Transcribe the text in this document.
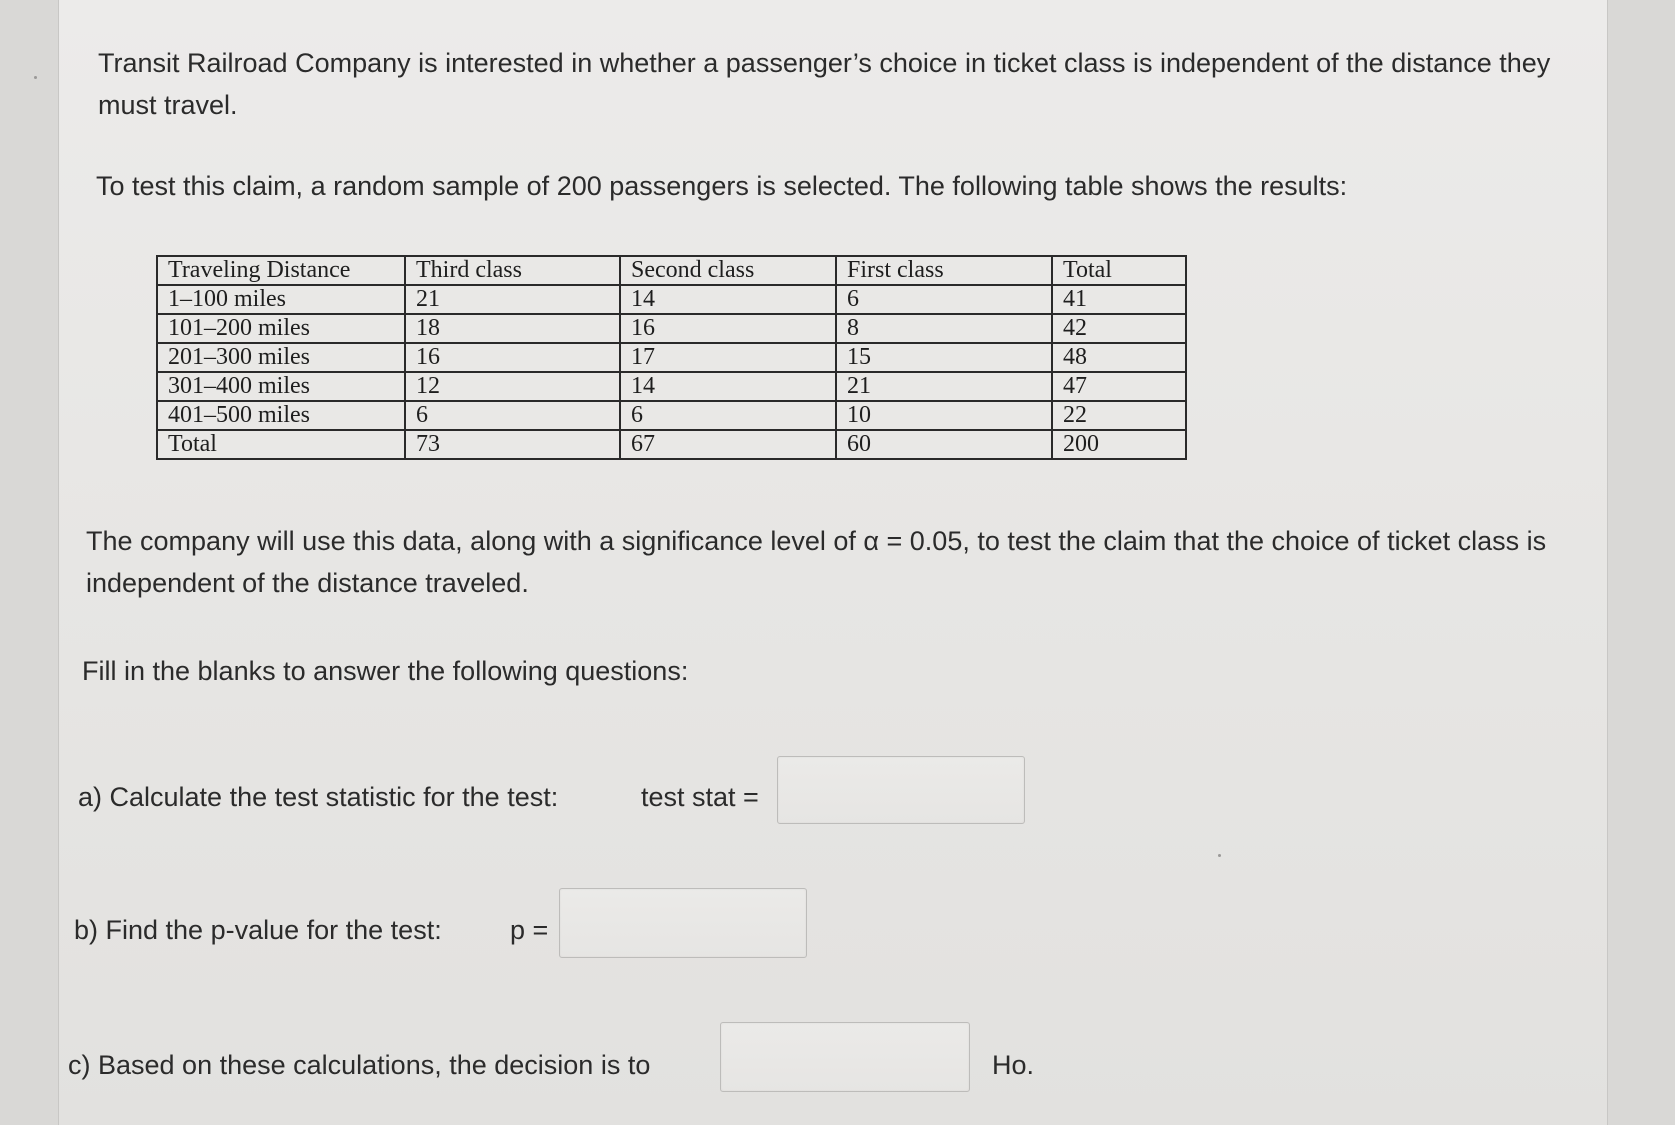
Transit Railroad Company is interested in whether a passenger’s choice in ticket class is independent of the distance they must travel.
To test this claim, a random sample of 200 passengers is selected. The following table shows the results:
Traveling Distance	Third class	Second class	First class	Total
1–100 miles	21	14	6	41
101–200 miles	18	16	8	42
201–300 miles	16	17	15	48
301–400 miles	12	14	21	47
401–500 miles	6	6	10	22
Total	73	67	60	200
The company will use this data, along with a significance level of α = 0.05, to test the claim that the choice of ticket class is independent of the distance traveled.
Fill in the blanks to answer the following questions:
a) Calculate the test statistic for the test:	test stat =
b) Find the p-value for the test:	p =
c) Based on these calculations, the decision is to	Ho.
